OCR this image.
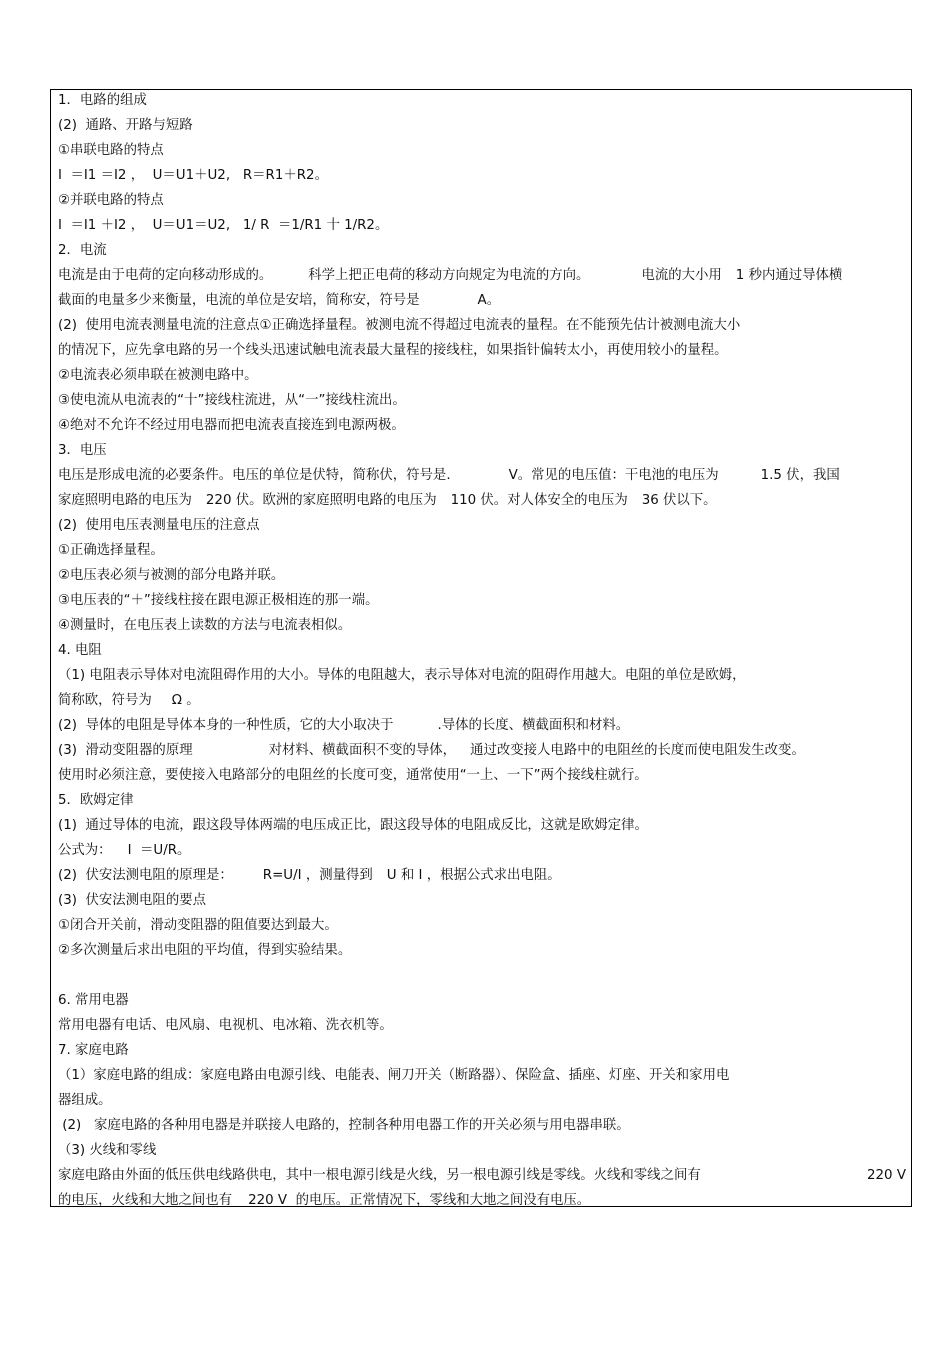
1．电路的组成

(2)  通路、开路与短路

①串联电路的特点

I  ＝I1 ＝I2 ，  U＝U1＋U2,   R＝R1＋R2。

②并联电路的特点

I  ＝I1 ＋I2 ，  U＝U1＝U2,   1/ R  ＝1/R1 十 1/R2。

2．电流

电流是由于电荷的定向移动形成的。	科学上把正电荷的移动方向规定为电流的方向。	电流的大小用 1 秒内通过导体横

截面的电量多少来衡量，电流的单位是安培，简称安，符号是	A。

(2)  使用电流表测量电流的注意点①正确选择量程。被测电流不得超过电流表的量程。在不能预先估计被测电流大小

的情况下，应先拿电路的另一个线头迅速试触电流表最大量程的接线柱，如果指针偏转太小，再使用较小的量程。

②电流表必须串联在被测电路中。

③使电流从电流表的“十”接线柱流进，从“一”接线柱流出。

④绝对不允许不经过用电器而把电流表直接连到电源两极。

3．电压

电压是形成电流的必要条件。电压的单位是伏特，简称伏，符号是.	V。常见的电压值：干电池的电压为	1.5 伏，我国

家庭照明电路的电压为 220 伏。欧洲的家庭照明电路的电压为 110 伏。对人体安全的电压为 36 伏以下。

(2)  使用电压表测量电压的注意点

①正确选择量程。

②电压表必须与被测的部分电路并联。

③电压表的“＋”接线柱接在跟电源正极相连的那一端。

④测量时，在电压表上读数的方法与电流表相似。

4. 电阻

（1) 电阻表示导体对电流阻碍作用的大小。导体的电阻越大，表示导体对电流的阻碍作用越大。电阻的单位是欧姆，

简称欧，符号为 Ω 。

(2)  导体的电阻是导体本身的一种性质，它的大小取决于	.导体的长度、横截面积和材料。

(3)  滑动变阻器的原理	对材料、横截面积不变的导体， 通过改变接人电路中的电阻丝的长度而使电阻发生改变。

使用时必须注意，要使接入电路部分的电阻丝的长度可变，通常使用“一上、一下”两个接线柱就行。

5．欧姆定律

(1)  通过导体的电流，跟这段导体两端的电压成正比，跟这段导体的电阻成反比，这就是欧姆定律。

公式为： I  ＝U/R。

(2)  伏安法测电阻的原理是： R=U/I ，测量得到 U 和 I ，根据公式求出电阻。

(3)  伏安法测电阻的要点

①闭合开关前，滑动变阻器的阻值要达到最大。

②多次测量后求出电阻的平均值，得到实验结果。

6. 常用电器

常用电器有电话、电风扇、电视机、电冰箱、洗衣机等。

7. 家庭电路

（1）家庭电路的组成：家庭电路由电源引线、电能表、闸刀开关（断路器）、保险盒、插座、灯座、开关和家用电

器组成。

(2)   家庭电路的各种用电器是并联接人电路的，控制各种用电器工作的开关必须与用电器串联。

（3) 火线和零线

家庭电路由外面的低压供电线路供电，其中一根电源引线是火线，另一根电源引线是零线。火线和零线之间有	220 V

的电压，火线和大地之间也有 220 V  的电压。正常情况下，零线和大地之间没有电压。
